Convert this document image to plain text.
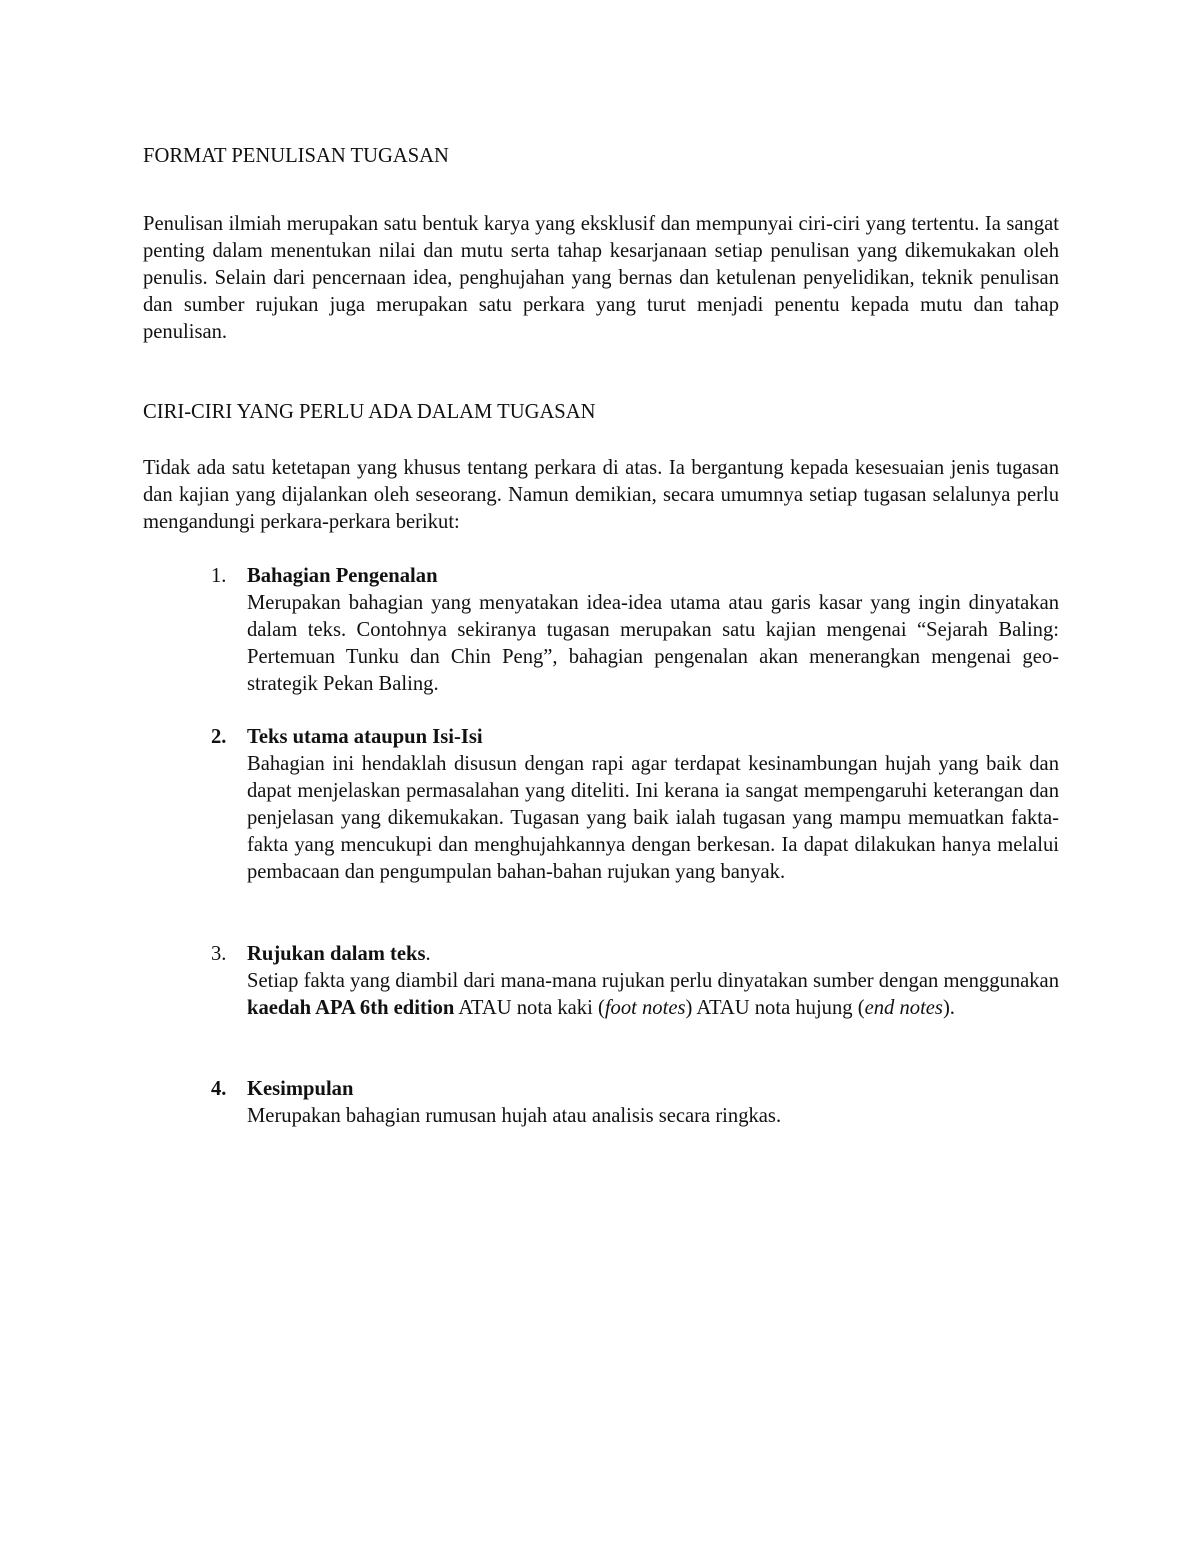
FORMAT PENULISAN TUGASAN

Penulisan ilmiah merupakan satu bentuk karya yang eksklusif dan mempunyai ciri-ciri yang tertentu. Ia sangat penting dalam menentukan nilai dan mutu serta tahap kesarjanaan setiap penulisan yang dikemukakan oleh penulis. Selain dari pencernaan idea, penghujahan yang bernas dan ketulenan penyelidikan, teknik penulisan dan sumber rujukan juga merupakan satu perkara yang turut menjadi penentu kepada mutu dan tahap penulisan.

CIRI-CIRI YANG PERLU ADA DALAM TUGASAN

Tidak ada satu ketetapan yang khusus tentang perkara di atas. Ia bergantung kepada kesesuaian jenis tugasan dan kajian yang dijalankan oleh seseorang. Namun demikian, secara umumnya setiap tugasan selalunya perlu mengandungi perkara-perkara berikut:

1. Bahagian Pengenalan
Merupakan bahagian yang menyatakan idea-idea utama atau garis kasar yang ingin dinyatakan dalam teks. Contohnya sekiranya tugasan merupakan satu kajian mengenai “Sejarah Baling: Pertemuan Tunku dan Chin Peng”, bahagian pengenalan akan menerangkan mengenai geo-strategik Pekan Baling.
2. Teks utama ataupun Isi-Isi
Bahagian ini hendaklah disusun dengan rapi agar terdapat kesinambungan hujah yang baik dan dapat menjelaskan permasalahan yang diteliti. Ini kerana ia sangat mempengaruhi keterangan dan penjelasan yang dikemukakan. Tugasan yang baik ialah tugasan yang mampu memuatkan fakta-fakta yang mencukupi dan menghujahkannya dengan berkesan. Ia dapat dilakukan hanya melalui pembacaan dan pengumpulan bahan-bahan rujukan yang banyak.
3. Rujukan dalam teks.
Setiap fakta yang diambil dari mana-mana rujukan perlu dinyatakan sumber dengan menggunakan kaedah APA 6th edition ATAU nota kaki (foot notes) ATAU nota hujung (end notes).
4. Kesimpulan
Merupakan bahagian rumusan hujah atau analisis secara ringkas.
